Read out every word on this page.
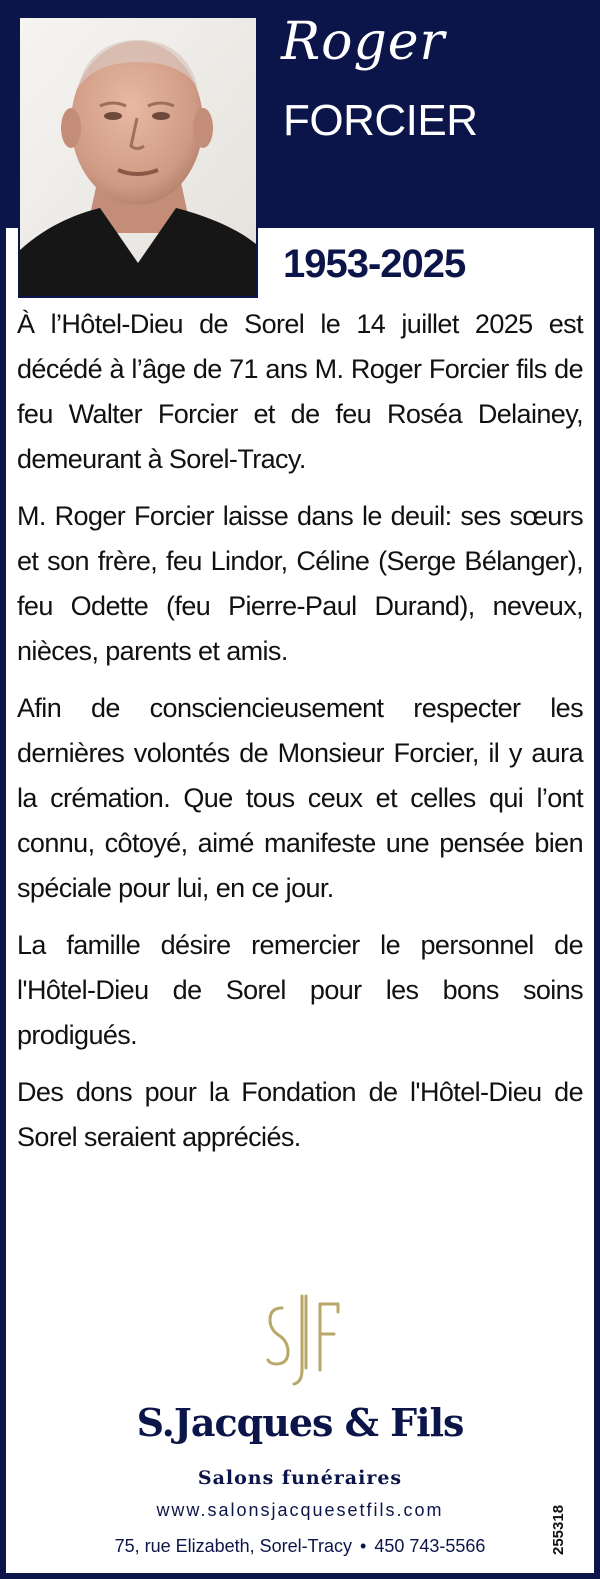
Roger
FORCIER
1953-2025

À l’Hôtel-Dieu de Sorel le 14 juillet 2025 est décédé à l’âge de 71 ans M. Roger Forcier fils de feu Walter Forcier et de feu Roséa Delainey, demeurant à Sorel-Tracy.

M. Roger Forcier laisse dans le deuil: ses sœurs et son frère, feu Lindor, Céline (Serge Bélanger), feu Odette (feu Pierre-Paul Durand), neveux, nièces, parents et amis.

Afin de consciencieusement respecter les dernières volontés de Monsieur Forcier, il y aura la crémation. Que tous ceux et celles qui l’ont connu, côtoyé, aimé manifeste une pensée bien spéciale pour lui, en ce jour.

La famille désire remercier le personnel de l'Hôtel-Dieu de Sorel pour les bons soins prodigués.

Des dons pour la Fondation de l'Hôtel-Dieu de Sorel seraient appréciés.

S.Jacques & Fils
Salons funéraires
www.salonsjacquesetfils.com
75, rue Elizabeth, Sorel-Tracy • 450 743-5566	255318
